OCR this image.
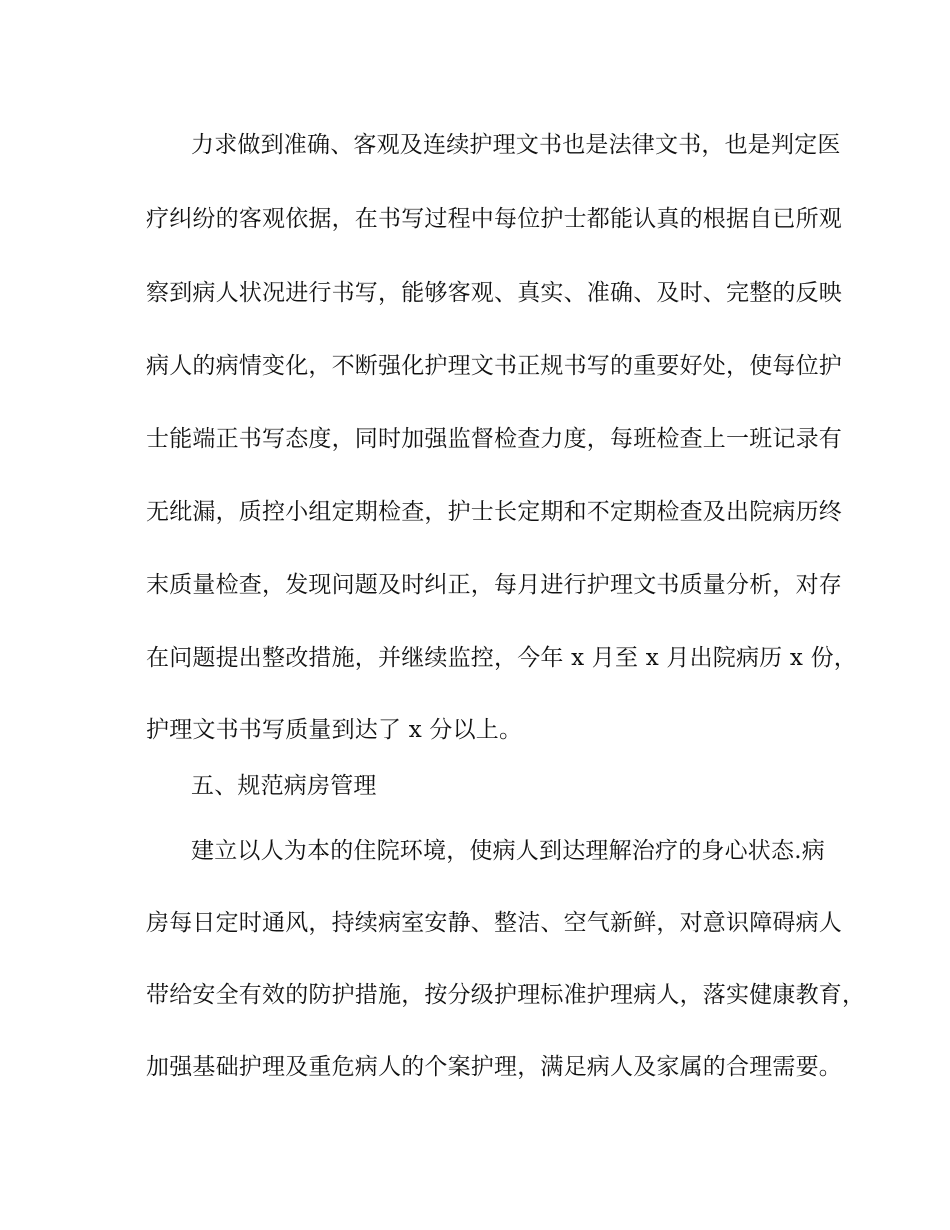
力求做到准确、客观及连续护理文书也是法律文书，也是判定医
疗纠纷的客观依据，在书写过程中每位护士都能认真的根据自已所观
察到病人状况进行书写，能够客观、真实、准确、及时、完整的反映
病人的病情变化，不断强化护理文书正规书写的重要好处，使每位护
士能端正书写态度，同时加强监督检查力度，每班检查上一班记录有
无纰漏，质控小组定期检查，护士长定期和不定期检查及出院病历终
末质量检查，发现问题及时纠正，每月进行护理文书质量分析，对存
在问题提出整改措施，并继续监控，今年 x 月至 x 月出院病历 x 份，
护理文书书写质量到达了 x 分以上。
五、规范病房管理
建立以人为本的住院环境，使病人到达理解治疗的身心状态.病
房每日定时通风，持续病室安静、整洁、空气新鲜，对意识障碍病人
带给安全有效的防护措施，按分级护理标准护理病人，落实健康教育，
加强基础护理及重危病人的个案护理，满足病人及家属的合理需要。
